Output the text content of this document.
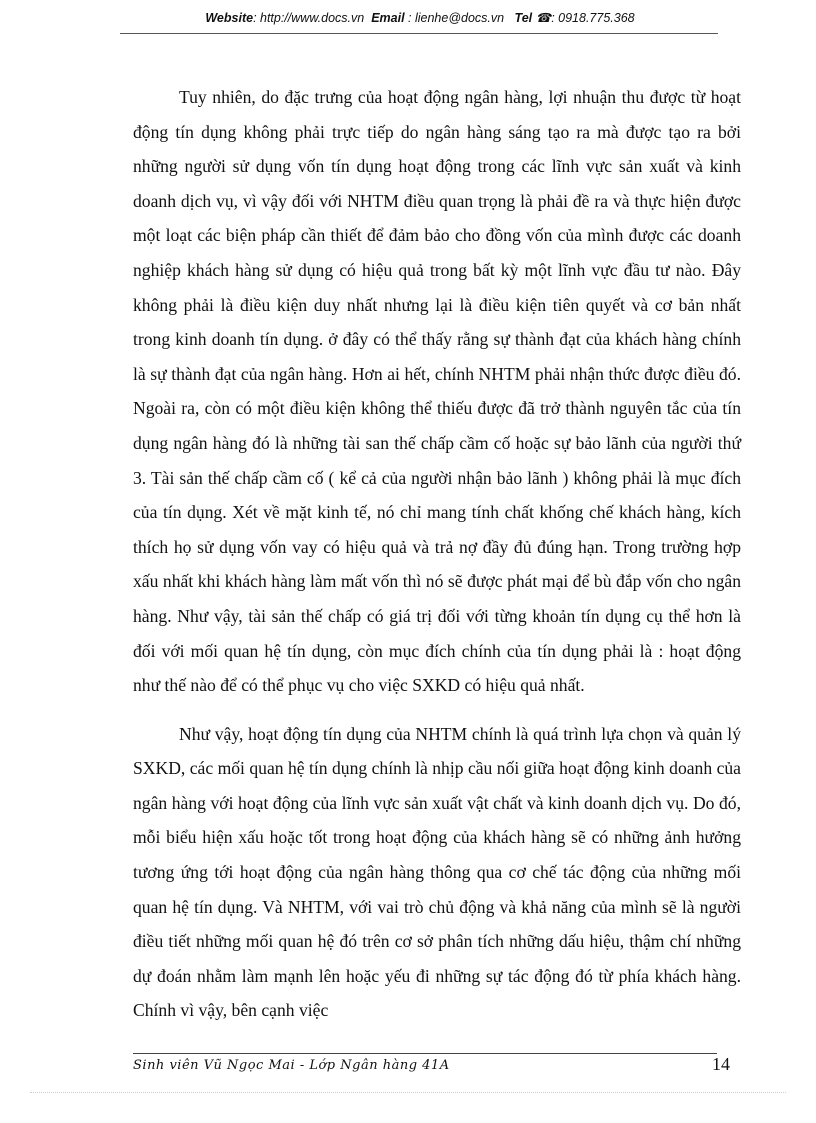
Website: http://www.docs.vn Email : lienhe@docs.vn Tel ☎: 0918.775.368

Tuy nhiên, do đặc trưng của hoạt động ngân hàng, lợi nhuận thu được từ hoạt động tín dụng không phải trực tiếp do ngân hàng sáng tạo ra mà được tạo ra bởi những người sử dụng vốn tín dụng hoạt động trong các lĩnh vực sản xuất và kinh doanh dịch vụ, vì vậy đối với NHTM điều quan trọng là phải đề ra và thực hiện được một loạt các biện pháp cần thiết để đảm bảo cho đồng vốn của mình được các doanh nghiệp khách hàng sử dụng có hiệu quả trong bất kỳ một lĩnh vực đầu tư nào. Đây không phải là điều kiện duy nhất nhưng lại là điều kiện tiên quyết và cơ bản nhất trong kinh doanh tín dụng. ở đây có thể thấy rằng sự thành đạt của khách hàng chính là sự thành đạt của ngân hàng. Hơn ai hết, chính NHTM phải nhận thức được điều đó. Ngoài ra, còn có một điều kiện không thể thiếu được đã trở thành nguyên tắc của tín dụng ngân hàng đó là những tài san thế chấp cầm cố hoặc sự bảo lãnh của người thứ 3. Tài sản thế chấp cầm cố ( kể cả của người nhận bảo lãnh ) không phải là mục đích của tín dụng. Xét về mặt kinh tế, nó chỉ mang tính chất khống chế khách hàng, kích thích họ sử dụng vốn vay có hiệu quả và trả nợ đầy đủ đúng hạn. Trong trường hợp xấu nhất khi khách hàng làm mất vốn thì nó sẽ được phát mại để bù đắp vốn cho ngân hàng. Như vậy, tài sản thế chấp có giá trị đối với từng khoản tín dụng cụ thể hơn là đối với mối quan hệ tín dụng, còn mục đích chính của tín dụng phải là : hoạt động như thế nào để có thể phục vụ cho việc SXKD có hiệu quả nhất.

Như vậy, hoạt động tín dụng của NHTM chính là quá trình lựa chọn và quản lý SXKD, các mối quan hệ tín dụng chính là nhịp cầu nối giữa hoạt động kinh doanh của ngân hàng với hoạt động của lĩnh vực sản xuất vật chất và kinh doanh dịch vụ. Do đó, mỗi biểu hiện xấu hoặc tốt trong hoạt động của khách hàng sẽ có những ảnh hưởng tương ứng tới hoạt động của ngân hàng thông qua cơ chế tác động của những mối quan hệ tín dụng. Và NHTM, với vai trò chủ động và khả năng của mình sẽ là người điều tiết những mối quan hệ đó trên cơ sở phân tích những dấu hiệu, thậm chí những dự đoán nhằm làm mạnh lên hoặc yếu đi những sự tác động đó từ phía khách hàng. Chính vì vậy, bên cạnh việc

Sinh viên Vũ Ngọc Mai - Lớp Ngân hàng 41A	14
